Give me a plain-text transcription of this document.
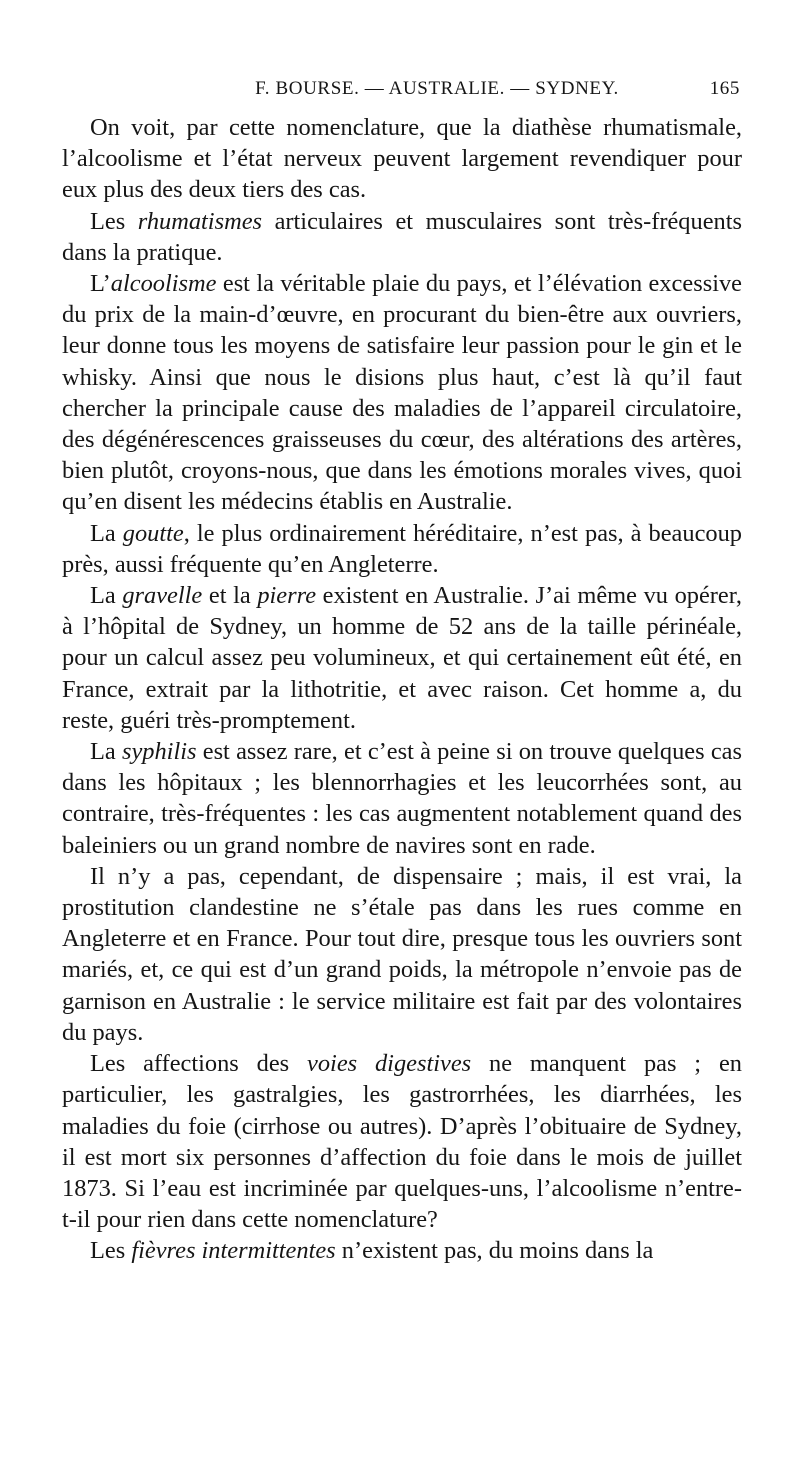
F. BOURSE. — AUSTRALIE. — SYDNEY.	165

On voit, par cette nomenclature, que la diathèse rhumatismale, l’alcoolisme et l’état nerveux peuvent largement revendiquer pour eux plus des deux tiers des cas.

Les rhumatismes articulaires et musculaires sont très-fréquents dans la pratique.

L’alcoolisme est la véritable plaie du pays, et l’élévation excessive du prix de la main-d’œuvre, en procurant du bien-être aux ouvriers, leur donne tous les moyens de satisfaire leur passion pour le gin et le whisky. Ainsi que nous le disions plus haut, c’est là qu’il faut chercher la principale cause des maladies de l’appareil circulatoire, des dégénérescences graisseuses du cœur, des altérations des artères, bien plutôt, croyons-nous, que dans les émotions morales vives, quoi qu’en disent les médecins établis en Australie.

La goutte, le plus ordinairement héréditaire, n’est pas, à beaucoup près, aussi fréquente qu’en Angleterre.

La gravelle et la pierre existent en Australie. J’ai même vu opérer, à l’hôpital de Sydney, un homme de 52 ans de la taille périnéale, pour un calcul assez peu volumineux, et qui certainement eût été, en France, extrait par la lithotritie, et avec raison. Cet homme a, du reste, guéri très-promptement.

La syphilis est assez rare, et c’est à peine si on trouve quelques cas dans les hôpitaux ; les blennorrhagies et les leucorrhées sont, au contraire, très-fréquentes : les cas augmentent notablement quand des baleiniers ou un grand nombre de navires sont en rade.

Il n’y a pas, cependant, de dispensaire ; mais, il est vrai, la prostitution clandestine ne s’étale pas dans les rues comme en Angleterre et en France. Pour tout dire, presque tous les ouvriers sont mariés, et, ce qui est d’un grand poids, la métropole n’envoie pas de garnison en Australie : le service militaire est fait par des volontaires du pays.

Les affections des voies digestives ne manquent pas ; en particulier, les gastralgies, les gastrorrhées, les diarrhées, les maladies du foie (cirrhose ou autres). D’après l’obituaire de Sydney, il est mort six personnes d’affection du foie dans le mois de juillet 1873. Si l’eau est incriminée par quelques-uns, l’alcoolisme n’entre-t-il pour rien dans cette nomenclature?

Les fièvres intermittentes n’existent pas, du moins dans la
